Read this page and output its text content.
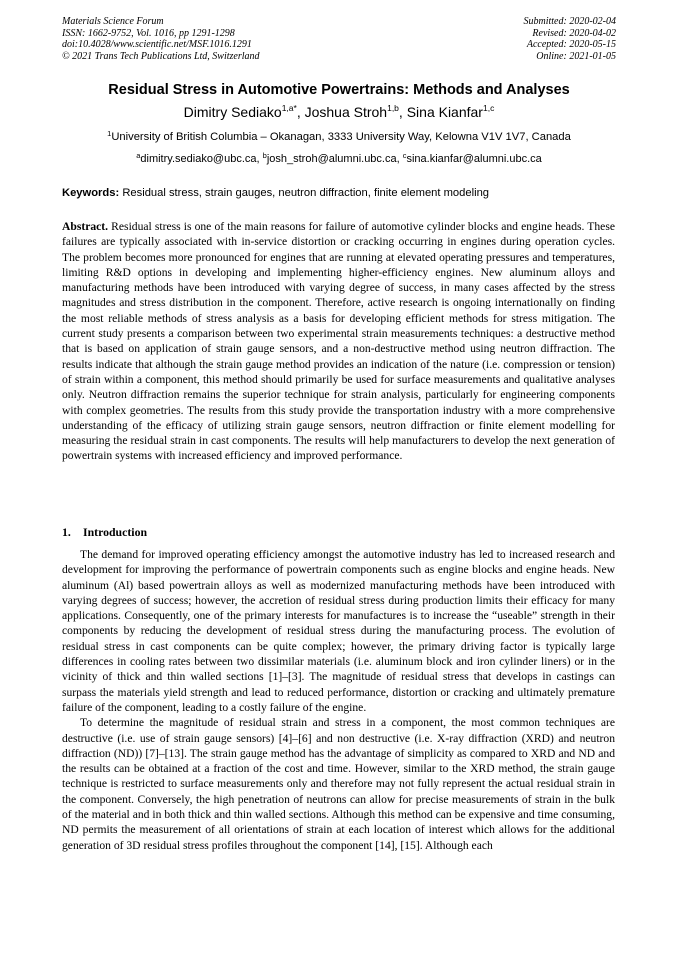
Materials Science Forum
ISSN: 1662-9752, Vol. 1016, pp 1291-1298
doi:10.4028/www.scientific.net/MSF.1016.1291
© 2021 Trans Tech Publications Ltd, Switzerland
Submitted: 2020-02-04
Revised: 2020-04-02
Accepted: 2020-05-15
Online: 2021-01-05
Residual Stress in Automotive Powertrains: Methods and Analyses
Dimitry Sediako$^{1,a*}$, Joshua Stroh$^{1,b}$, Sina Kianfar$^{1,c}$
$^1$University of British Columbia – Okanagan, 3333 University Way, Kelowna V1V 1V7, Canada
$^a$dimitry.sediako@ubc.ca, $^b$josh_stroh@alumni.ubc.ca, $^c$sina.kianfar@alumni.ubc.ca
Keywords: Residual stress, strain gauges, neutron diffraction, finite element modeling
Abstract. Residual stress is one of the main reasons for failure of automotive cylinder blocks and engine heads. These failures are typically associated with in-service distortion or cracking occurring in engines during operation cycles. The problem becomes more pronounced for engines that are running at elevated operating pressures and temperatures, limiting R&D options in developing and implementing higher-efficiency engines. New aluminum alloys and manufacturing methods have been introduced with varying degree of success, in many cases affected by the stress magnitudes and stress distribution in the component. Therefore, active research is ongoing internationally on finding the most reliable methods of stress analysis as a basis for developing efficient methods for stress mitigation. The current study presents a comparison between two experimental strain measurements techniques: a destructive method that is based on application of strain gauge sensors, and a non-destructive method using neutron diffraction. The results indicate that although the strain gauge method provides an indication of the nature (i.e. compression or tension) of strain within a component, this method should primarily be used for surface measurements and qualitative analyses only. Neutron diffraction remains the superior technique for strain analysis, particularly for engineering components with complex geometries. The results from this study provide the transportation industry with a more comprehensive understanding of the efficacy of utilizing strain gauge sensors, neutron diffraction or finite element modelling for measuring the residual strain in cast components. The results will help manufacturers to develop the next generation of powertrain systems with increased efficiency and improved performance.
1. Introduction

The demand for improved operating efficiency amongst the automotive industry has led to increased research and development for improving the performance of powertrain components such as engine blocks and engine heads. New aluminum (Al) based powertrain alloys as well as modernized manufacturing methods have been introduced with varying degrees of success; however, the accretion of residual stress during production limits their efficacy for many applications. Consequently, one of the primary interests for manufactures is to increase the “useable” strength in their components by reducing the development of residual stress during the manufacturing process. The evolution of residual stress in cast components can be quite complex; however, the primary driving factor is typically large differences in cooling rates between two dissimilar materials (i.e. aluminum block and iron cylinder liners) or in the vicinity of thick and thin walled sections [1]–[3]. The magnitude of residual stress that develops in castings can surpass the materials yield strength and lead to reduced performance, distortion or cracking and ultimately premature failure of the component, leading to a costly failure of the engine.

To determine the magnitude of residual strain and stress in a component, the most common techniques are destructive (i.e. use of strain gauge sensors) [4]–[6] and non destructive (i.e. X-ray diffraction (XRD) and neutron diffraction (ND)) [7]–[13]. The strain gauge method has the advantage of simplicity as compared to XRD and ND and the results can be obtained at a fraction of the cost and time. However, similar to the XRD method, the strain gauge technique is restricted to surface measurements only and therefore may not fully represent the actual residual strain in the component. Conversely, the high penetration of neutrons can allow for precise measurements of strain in the bulk of the material and in both thick and thin walled sections. Although this method can be expensive and time consuming, ND permits the measurement of all orientations of strain at each location of interest which allows for the additional generation of 3D residual stress profiles throughout the component [14], [15]. Although each
